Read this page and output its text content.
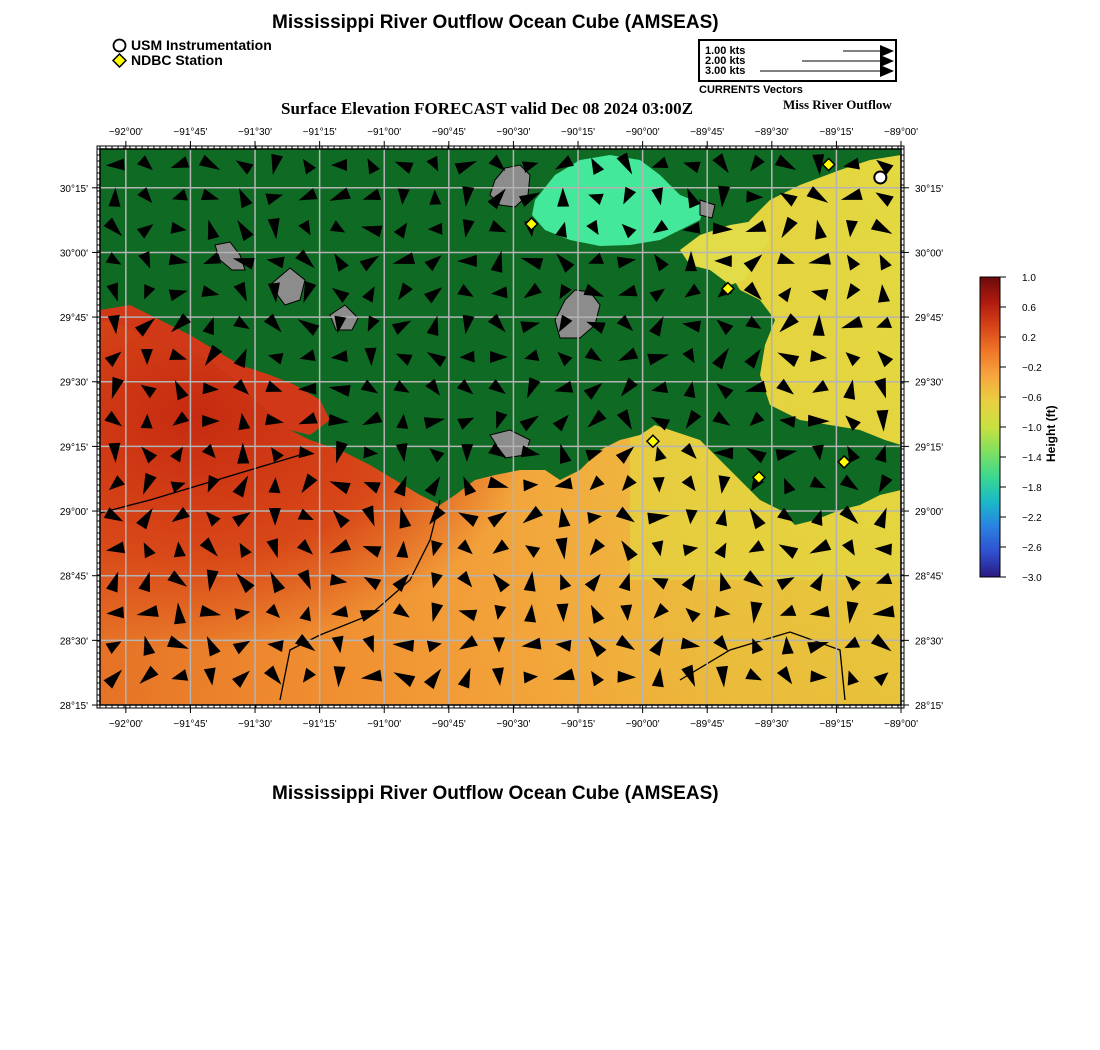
Mississippi River Outflow Ocean Cube (AMSEAS)
USM Instrumentation
NDBC Station
1.00 kts
2.00 kts
3.00 kts
CURRENTS Vectors
Surface Elevation FORECAST valid Dec 08 2024 03:00Z	Miss River Outflow
−92°00'
−92°00'
−91°45'
−91°45'
−91°30'
−91°30'
−91°15'
−91°15'
−91°00'
−91°00'
−90°45'
−90°45'
−90°30'
−90°30'
−90°15'
−90°15'
−90°00'
−90°00'
−89°45'
−89°45'
−89°30'
−89°30'
−89°15'
−89°15'
−89°00'
−89°00'
30°15'	30°15'
30°00'	30°00'
29°45'	29°45'
29°30'	29°30'
29°15'	29°15'
29°00'	29°00'
28°45'	28°45'
28°30'	28°30'
28°15'	28°15'
1.0
0.6
0.2
−0.2
−0.6
−1.0
−1.4
−1.8
−2.2
−2.6
−3.0
Height (ft)
Mississippi River Outflow Ocean Cube (AMSEAS)
